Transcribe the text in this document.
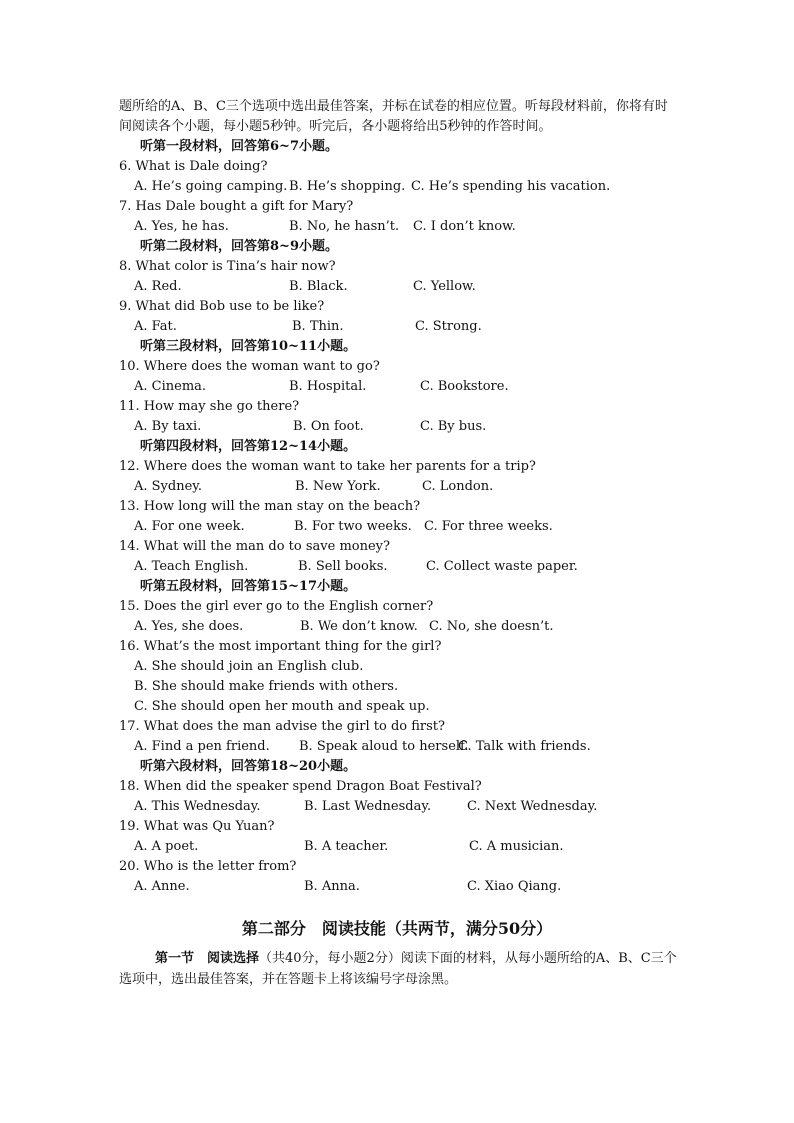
题所给的A、B、C三个选项中选出最佳答案，并标在试卷的相应位置。听每段材料前，你将有时间阅读各个小题，每小题5秒钟。听完后，各小题将给出5秒钟的作答时间。
听第一段材料，回答第6~7小题。
6. What is Dale doing?
A. He’s going camping. B. He’s shopping. C. He’s spending his vacation.
7. Has Dale bought a gift for Mary?
A. Yes, he has.	B. No, he hasn’t. C. I don’t know.
听第二段材料，回答第8~9小题。
8. What color is Tina’s hair now?
A. Red.	B. Black.	C. Yellow.
9. What did Bob use to be like?
A. Fat.	B. Thin.	C. Strong.
听第三段材料，回答第10~11小题。
10. Where does the woman want to go?
A. Cinema.	B. Hospital.	C. Bookstore.
11. How may she go there?
A. By taxi.	B. On foot.	C. By bus.
听第四段材料，回答第12~14小题。
12. Where does the woman want to take her parents for a trip?
A. Sydney.	B. New York.	C. London.
13. How long will the man stay on the beach?
A. For one week.	B. For two weeks. C. For three weeks.
14. What will the man do to save money?
A. Teach English.	B. Sell books.	C. Collect waste paper.
听第五段材料，回答第15~17小题。
15. Does the girl ever go to the English corner?
A. Yes, she does.	B. We don’t know. C. No, she doesn’t.
16. What’s the most important thing for the girl?
A. She should join an English club.
B. She should make friends with others.
C. She should open her mouth and speak up.
17. What does the man advise the girl to do first?
A. Find a pen friend. B. Speak aloud to herself.
C. Talk with friends.
听第六段材料，回答第18~20小题。
18. When did the speaker spend Dragon Boat Festival?
A. This Wednesday.	B. Last Wednesday.	C. Next Wednesday.
19. What was Qu Yuan?
A. A poet.	B. A teacher.	C. A musician.
20. Who is the letter from?
A. Anne.	B. Anna.	C. Xiao Qiang.
第二部分　阅读技能（共两节，满分50分）
第一节　阅读选择（共40分，每小题2分）阅读下面的材料，从每小题所给的A、B、C三个选项中，选出最佳答案，并在答题卡上将该编号字母涂黑。
